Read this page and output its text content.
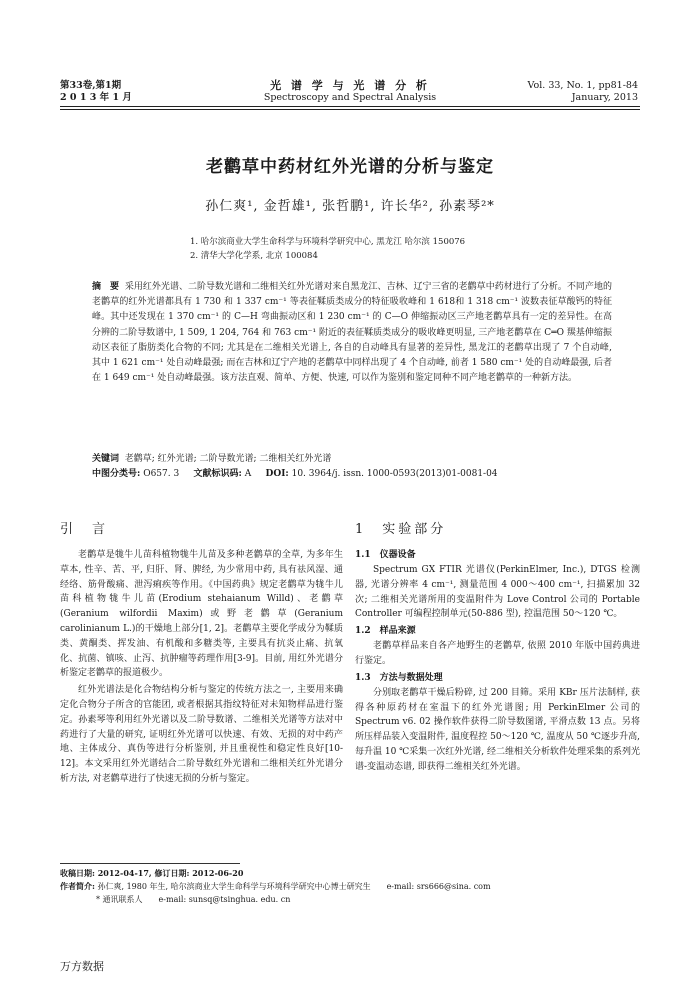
第33卷,第1期
2 0 1 3 年 1 月
光 谱 学 与 光 谱 分 析
Spectroscopy and Spectral Analysis
Vol. 33, No. 1, pp81-84
January, 2013
老鹳草中药材红外光谱的分析与鉴定
孙仁爽¹, 金哲雄¹, 张哲鹏¹, 许长华², 孙素琴²*
1. 哈尔滨商业大学生命科学与环境科学研究中心, 黑龙江 哈尔滨 150076
2. 清华大学化学系, 北京 100084
摘　要 采用红外光谱、二阶导数光谱和二维相关红外光谱对来自黑龙江、吉林、辽宁三省的老鹳草中药材进行了分析。不同产地的老鹳草的红外光谱都具有 1 730 和 1 337 cm⁻¹ 等表征鞣质类成分的特征吸收峰和 1 618和 1 318 cm⁻¹ 波数表征草酸钙的特征峰。其中还发现在 1 370 cm⁻¹ 的 C—H 弯曲振动区和 1 230 cm⁻¹ 的 C—O 伸缩振动区三产地老鹳草具有一定的差异性。在高分辨的二阶导数谱中, 1 509, 1 204, 764 和 763 cm⁻¹ 附近的表征鞣质类成分的吸收峰更明显, 三产地老鹳草在 C═O 羰基伸缩振动区表征了脂肪类化合物的不同; 尤其是在二维相关光谱上, 各自的自动峰具有显著的差异性, 黑龙江的老鹳草出现了 7 个自动峰, 其中 1 621 cm⁻¹ 处自动峰最强; 而在吉林和辽宁产地的老鹳草中同样出现了 4 个自动峰, 前者 1 580 cm⁻¹ 处的自动峰最强, 后者在 1 649 cm⁻¹ 处自动峰最强。该方法直观、简单、方便、快速, 可以作为鉴别和鉴定同种不同产地老鹳草的一种新方法。
关键词 老鹳草; 红外光谱; 二阶导数光谱; 二维相关红外光谱
中图分类号: O657. 3 文献标识码: A DOI: 10. 3964/j. issn. 1000-0593(2013)01-0081-04
引　言
老鹳草是牻牛儿苗科植物牻牛儿苗及多种老鹳草的全草, 为多年生草本, 性辛、苦、平, 归肝、肾、脾经, 为少常用中药, 具有祛风湿、通经络、筋骨酸痛、泄泻痢疾等作用。《中国药典》规定老鹳草为牻牛儿苗科植物牻牛儿苗(Erodium stehaianum Willd)、老鹳草(Geranium wilfordii Maxim)或野老鹳草(Geranium carolinianum L.)的干燥地上部分[1, 2]。老鹳草主要化学成分为鞣质类、黄酮类、挥发油、有机酸和多糖类等, 主要具有抗炎止痛、抗氧化、抗菌、镇咳、止泻、抗肿瘤等药理作用[3-9]。目前, 用红外光谱分析鉴定老鹳草的报道极少。
红外光谱法是化合物结构分析与鉴定的传统方法之一, 主要用来确定化合物分子所含的官能团, 或者根据其指纹特征对未知物样品进行鉴定。孙素琴等利用红外光谱以及二阶导数谱、二维相关光谱等方法对中药进行了大量的研究, 证明红外光谱可以快速、有效、无损的对中药产地、主体成分、真伪等进行分析鉴别, 并且重视性和稳定性良好[10-12]。本文采用红外光谱结合二阶导数红外光谱和二维相关红外光谱分析方法, 对老鹳草进行了快速无损的分析与鉴定。
1　实验部分
1.1　仪器设备
Spectrum GX FTIR 光谱仪(PerkinElmer, Inc.), DTGS 检测器, 光谱分辨率 4 cm⁻¹, 测量范围 4 000～400 cm⁻¹, 扫描累加 32 次; 二维相关光谱所用的变温附件为 Love Control 公司的 Portable Controller 可编程控制单元(50-886 型), 控温范围 50～120 ℃。
1.2　样品来源
老鹳草样品来自各产地野生的老鹳草, 依照 2010 年版中国药典进行鉴定。
1.3　方法与数据处理
分别取老鹳草干燥后粉碎, 过 200 目筛。采用 KBr 压片法制样, 获得各种原药材在室温下的红外光谱图; 用 PerkinElmer 公司的 Spectrum v6. 02 操作软件获得二阶导数图谱, 平滑点数 13 点。另将所压样品装入变温附件, 温度程控 50～120 ℃, 温度从 50 ℃逐步升高, 每升温 10 ℃采集一次红外光谱, 经二维相关分析软件处理采集的系列光谱-变温动态谱, 即获得二维相关红外光谱。
收稿日期: 2012-04-17, 修订日期: 2012-06-20
作者简介: 孙仁爽, 1980 年生, 哈尔滨商业大学生命科学与环境科学研究中心博士研究生　　e-mail: srs666@sina. com
* 通讯联系人　　e-mail: sunsq@tsinghua. edu. cn
万方数据
